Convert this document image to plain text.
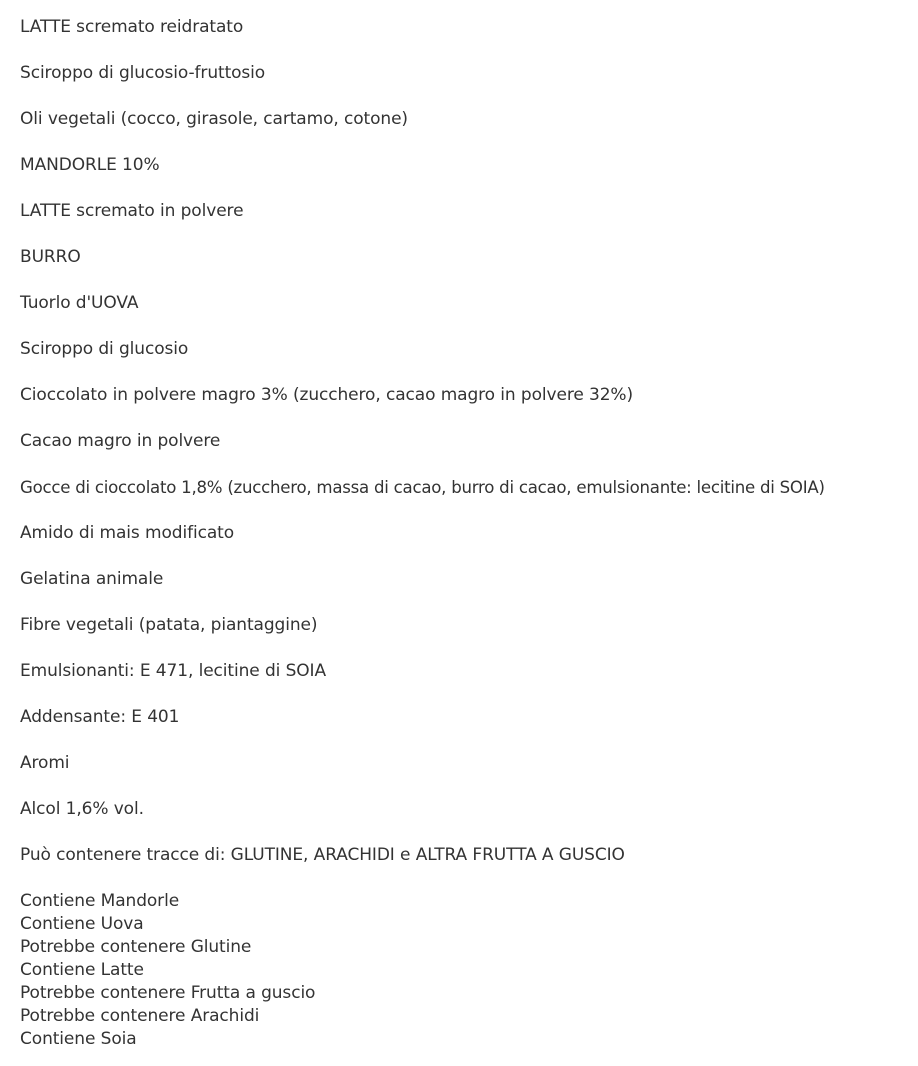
LATTE scremato reidratato
Sciroppo di glucosio-fruttosio
Oli vegetali (cocco, girasole, cartamo, cotone)
MANDORLE 10%
LATTE scremato in polvere
BURRO
Tuorlo d'UOVA
Sciroppo di glucosio
Cioccolato in polvere magro 3% (zucchero, cacao magro in polvere 32%)
Cacao magro in polvere
Gocce di cioccolato 1,8% (zucchero, massa di cacao, burro di cacao, emulsionante: lecitine di SOIA)
Amido di mais modificato
Gelatina animale
Fibre vegetali (patata, piantaggine)
Emulsionanti: E 471, lecitine di SOIA
Addensante: E 401
Aromi
Alcol 1,6% vol.
Può contenere tracce di: GLUTINE, ARACHIDI e ALTRA FRUTTA A GUSCIO
Contiene Mandorle
Contiene Uova
Potrebbe contenere Glutine
Contiene Latte
Potrebbe contenere Frutta a guscio
Potrebbe contenere Arachidi
Contiene Soia
